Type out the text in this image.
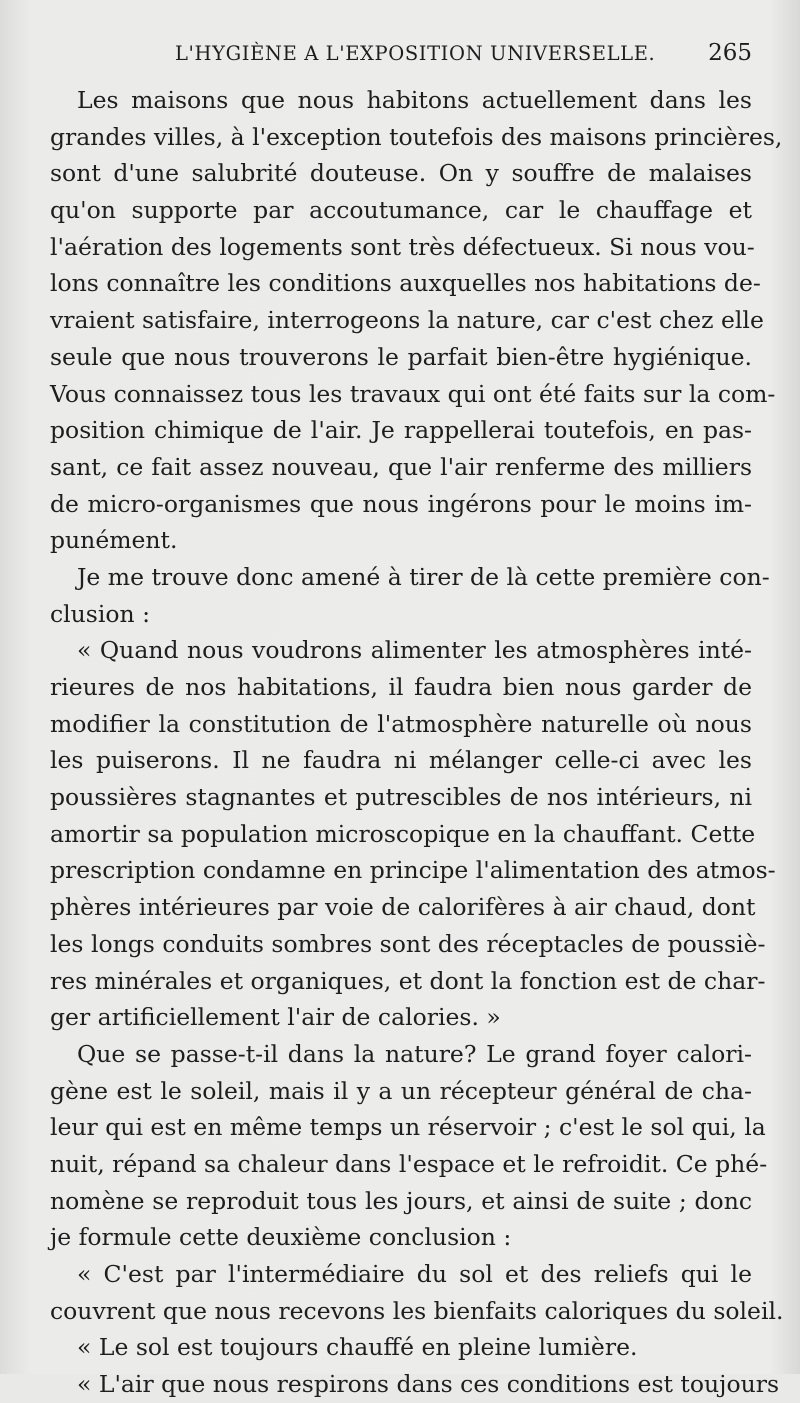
L'HYGIÈNE A L'EXPOSITION UNIVERSELLE. 265
Les maisons que nous habitons actuellement dans les
grandes villes, à l'exception toutefois des maisons princières,
sont d'une salubrité douteuse. On y souffre de malaises
qu'on supporte par accoutumance, car le chauffage et
l'aération des logements sont très défectueux. Si nous vou-
lons connaître les conditions auxquelles nos habitations de-
vraient satisfaire, interrogeons la nature, car c'est chez elle
seule que nous trouverons le parfait bien-être hygiénique.
Vous connaissez tous les travaux qui ont été faits sur la com-
position chimique de l'air. Je rappellerai toutefois, en pas-
sant, ce fait assez nouveau, que l'air renferme des milliers
de micro-organismes que nous ingérons pour le moins im-
punément.
Je me trouve donc amené à tirer de là cette première con-
clusion :
« Quand nous voudrons alimenter les atmosphères inté-
rieures de nos habitations, il faudra bien nous garder de
modifier la constitution de l'atmosphère naturelle où nous
les puiserons. Il ne faudra ni mélanger celle-ci avec les
poussières stagnantes et putrescibles de nos intérieurs, ni
amortir sa population microscopique en la chauffant. Cette
prescription condamne en principe l'alimentation des atmos-
phères intérieures par voie de calorifères à air chaud, dont
les longs conduits sombres sont des réceptacles de poussiè-
res minérales et organiques, et dont la fonction est de char-
ger artificiellement l'air de calories. »
Que se passe-t-il dans la nature? Le grand foyer calori-
gène est le soleil, mais il y a un récepteur général de cha-
leur qui est en même temps un réservoir ; c'est le sol qui, la
nuit, répand sa chaleur dans l'espace et le refroidit. Ce phé-
nomène se reproduit tous les jours, et ainsi de suite ; donc
je formule cette deuxième conclusion :
« C'est par l'intermédiaire du sol et des reliefs qui le
couvrent que nous recevons les bienfaits caloriques du soleil.
« Le sol est toujours chauffé en pleine lumière.
« L'air que nous respirons dans ces conditions est toujours
